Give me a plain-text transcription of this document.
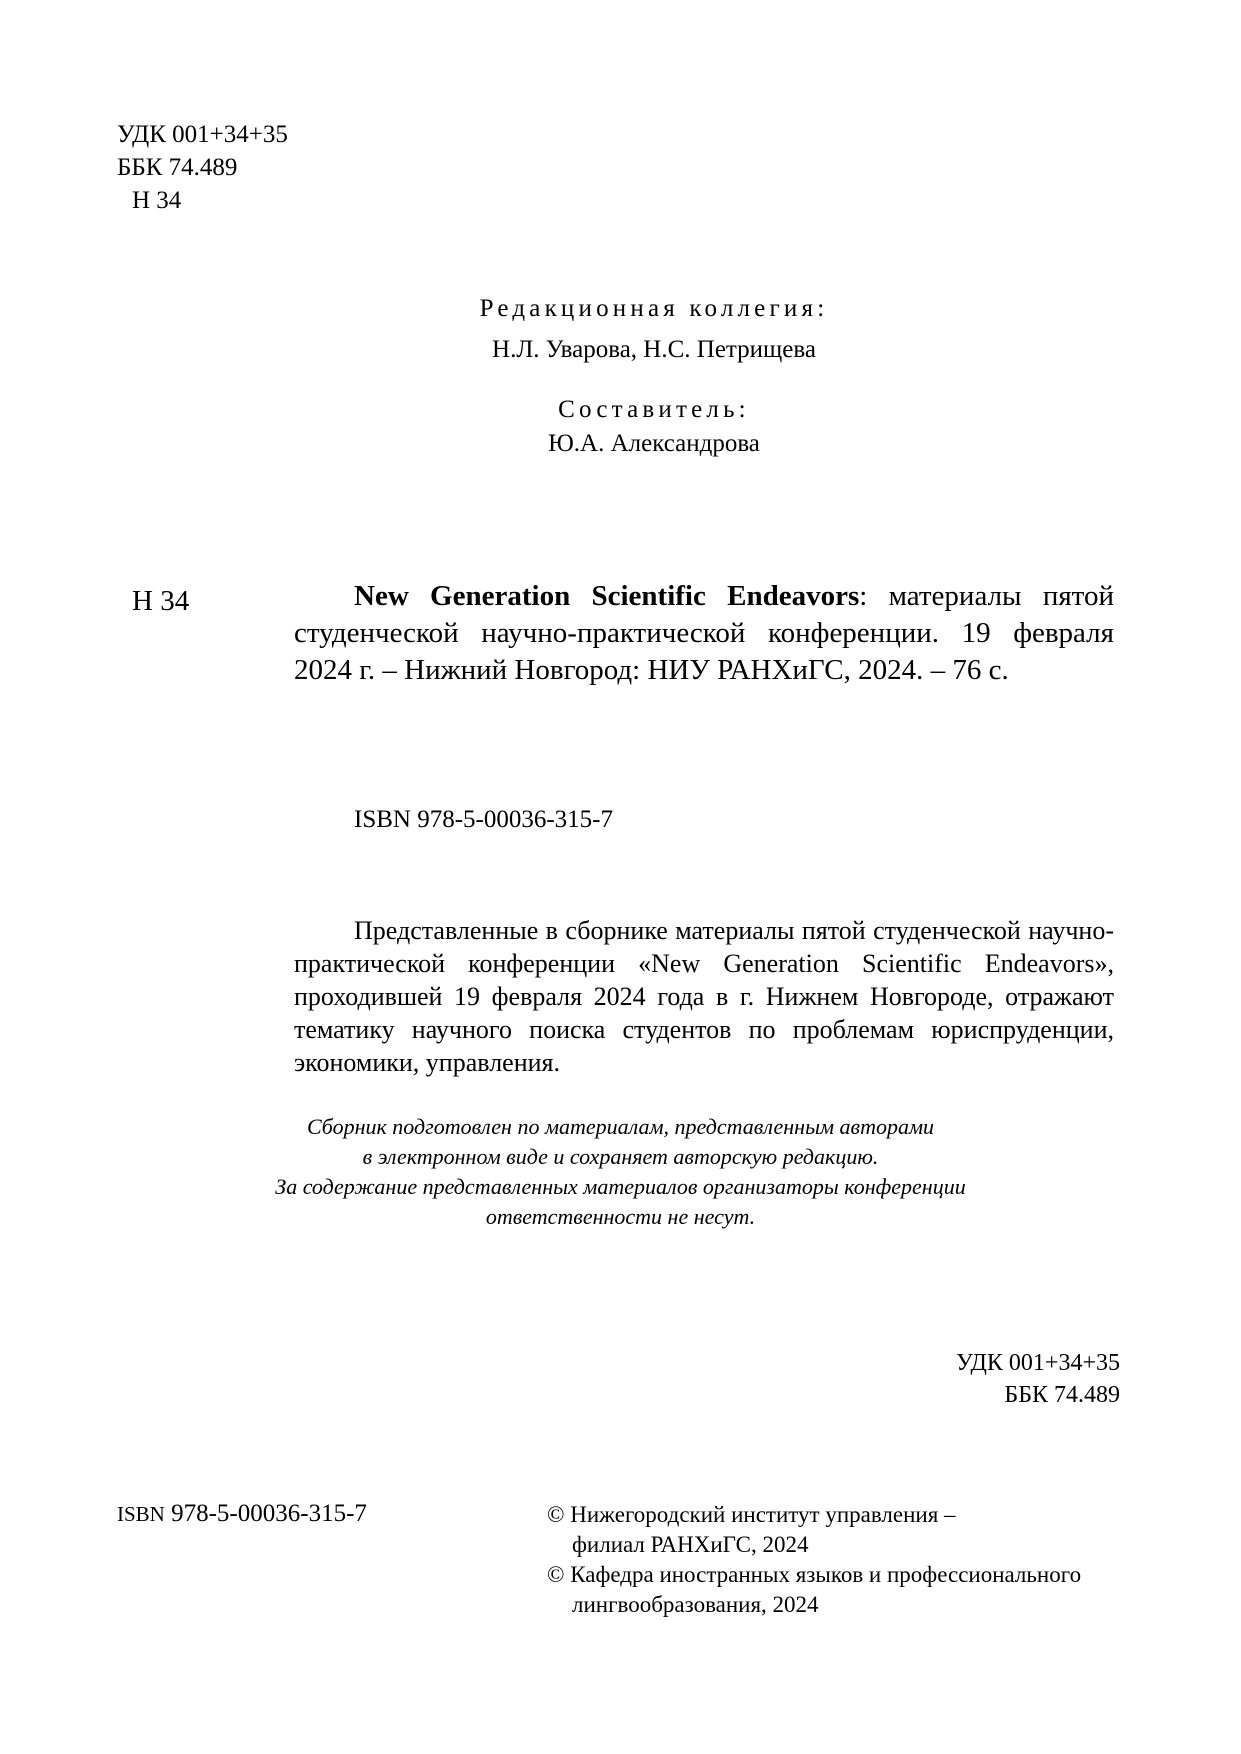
УДК 001+34+35
ББК 74.489
Н 34
Редакционная коллегия:
Н.Л. Уварова, Н.С. Петрищева
Составитель:
Ю.А. Александрова
Н 34	New Generation Scientific Endeavors: материалы пятой студенческой научно-практической конференции. 19 февраля 2024 г. – Нижний Новгород: НИУ РАНХиГС, 2024. – 76 с.
ISBN 978-5-00036-315-7
Представленные в сборнике материалы пятой студенческой научно-практической конференции «New Generation Scientific Endeavors», проходившей 19 февраля 2024 года в г. Нижнем Новгороде, отражают тематику научного поиска студентов по проблемам юриспруденции, экономики, управления.
Сборник подготовлен по материалам, представленным авторами
в электронном виде и сохраняет авторскую редакцию.
За содержание представленных материалов организаторы конференции
ответственности не несут.
УДК 001+34+35
ББК 74.489
ISBN 978-5-00036-315-7	© Нижегородский институт управления –
филиал РАНХиГС, 2024
© Кафедра иностранных языков и профессионального
лингвообразования, 2024
